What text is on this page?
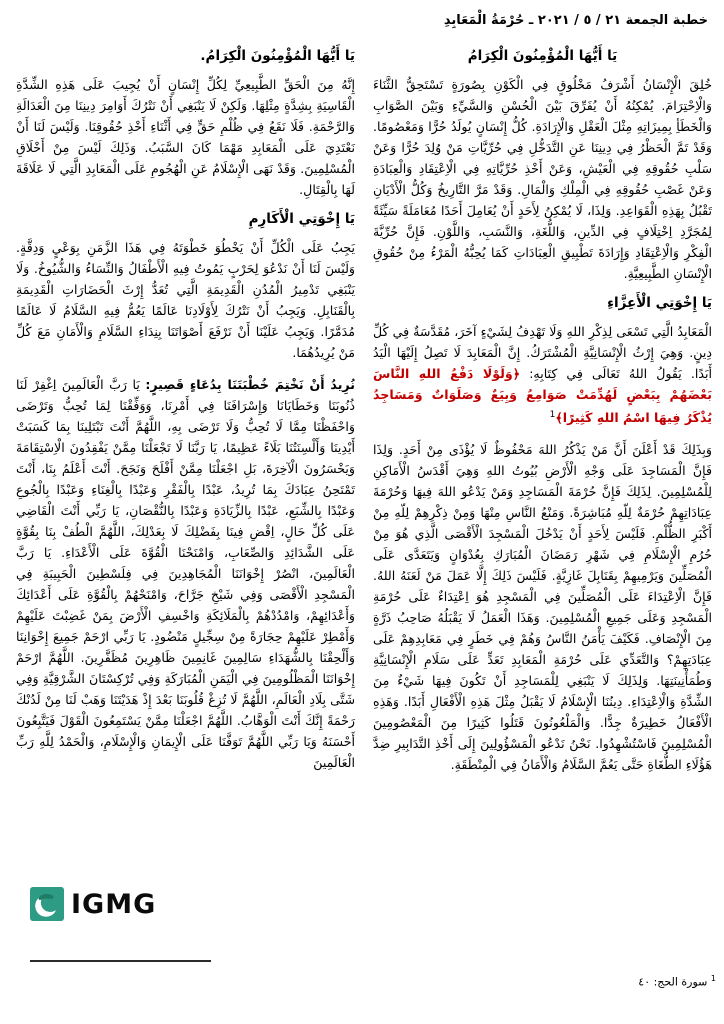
خطبة الجمعة ٢١ / ٥ / ٢٠٢١ ـ حُرْمَةُ الْمَعَابِدِ
يَا أَيُّهَا الْمُؤْمِنُونَ الْكِرَامُ

خُلِقَ الْإِنْسَانُ أَشْرَفُ مَخْلُوقٍ فِي الْكَوْنِ بِصُورَةٍ تَسْتَحِقُّ الثَّنَاءَ وَالْاِحْتِرَامَ. يُمْكِنُهُ أَنْ يُفَرِّقَ بَيْنَ الْحُسْنِ وَالسَّيِّءِ وَبَيْنَ الصَّوَابِ وَالْخَطَأِ بِمِيزَاتِهِ مِثْلَ الْعَقْلِ وَالْإِرَادَةِ. كُلُّ إِنْسَانٍ يُولَدُ حُرًّا وَمَعْصُومًا. وَقَدْ تَمَّ الْحَظْرُ فِي دِينِنَا عَنِ التَّدَخُّلِ فِي حُرِّيَّاتِ مَنْ وُلِدَ حُرًّا وَعَنْ سَلْبِ حُقُوقِهِ فِي الْعَيْشِ، وَعَنْ أَخْذِ حُرِّيَّاتِهِ فِي الْاِعْتِقَادِ وَالْعِبَادَةِ وَعَنْ غَصْبِ حُقُوقِهِ فِي الْمِلْكِ وَالْمَالِ. وَقَدْ مَرَّ التَّارِيخُ وَكُلُّ الْأَدْيَانِ تَقْبُلُ بِهَذِهِ الْقَوَاعِدِ. وَلِذَا، لَا يُمْكِنُ لِأَحَدٍ أَنْ يُعَامِلَ أَحَدًا مُعَامَلَةً سَيِّئَةً لِمُجَرَّدِ اِخْتِلَافٍ فِي الدِّينِ، وَاللُّغَةِ، وَالنَّسَبِ، وَاللَّوْنِ. فَإِنَّ حُرِّيَّةَ الْفِكْرِ وَالْاِعْتِقَادِ وَإِرَادَةَ تَطْبِيقِ الْعِبَادَاتِ كَمَا يُحِبُّهُ الْمَرْءُ مِنْ حُقُوقِ الْإِنْسَانِ الطَّبِيعِيَّةِ.

يَا إِخْوَتِي الْأَعِزَّاءِ

الْمَعَابِدُ الَّتِي تَسْعَى لِذِكْرِ اللهِ وَلَا تَهْدِفُ لِشَيْءٍ آخَرَ، مُقَدَّسَةٌ فِي كُلِّ دِينٍ. وَهِيَ إِرْثُ الْإِنْسَانِيَّةِ الْمُشْتَرَكُ. إِنَّ الْمَعَابِدَ لَا تَصِلُ إِلَيْهَا الْيَدُ أَبَدًا. يَقُولُ اللهُ تَعَالَى فِي كِتَابِهِ: ﴿وَلَوْلَا دَفْعُ اللهِ النَّاسَ بَعْضَهُمْ بِبَعْضٍ لَهُدِّمَتْ صَوَامِعُ وَبِيَعٌ وَصَلَوَاتٌ وَمَسَاجِدُ يُذْكَرُ فِيهَا اسْمُ اللهِ كَثِيرًا﴾$^1$

وَبِذَلِكَ قَدْ أَعْلَنَ أَنَّ مَنْ يَذْكُرُ اللهَ مَحْفُوظٌ لَا يُؤْذَى مِنْ أَحَدٍ. وَلِذَا فَإِنَّ الْمَسَاجِدَ عَلَى وَجْهِ الْأَرْضِ بُيُوتُ اللهِ وَهِيَ أَقْدَسُ الْأَمَاكِنِ لِلْمُسْلِمِينَ. لِذَلِكَ فَإِنَّ حُرْمَةَ الْمَسَاجِدِ وَمَنْ يَدْعُو اللهَ فِيهَا وَحُرْمَةَ عِبَادَاتِهِمْ حُرْمَةٌ لِلّهِ مُبَاشِرَةً. وَمَنْعُ النَّاسِ مِنْهَا وَمِنْ ذِكْرِهِمْ لِلّهِ مِنْ أَكْبَرِ الظُّلْمِ. فَلَيْسَ لِأَحَدٍ أَنْ يَدْخُلَ الْمَسْجِدَ الْأَقْصَى الَّذِي هُوَ مِنْ حُرُمِ الْإِسْلَامِ فِي شَهْرِ رَمَضَانَ الْمُبَارَكِ بِعُدْوَانٍ وَيَتَعَدَّى عَلَى الْمُصَلِّينَ وَيَرْمِيهِمْ بِقَنَابِلَ غَازِيَّةٍ. فَلَيْسَ ذَلِكَ إِلَّا عَمَلَ مَنْ لَعَنَهُ اللهُ. فَإِنَّ الْاِعْتِدَاءَ عَلَى الْمُصَلِّينَ فِي الْمَسْجِدِ هُوَ اِعْتِدَاءٌ عَلَى حُرْمَةِ الْمَسْجِدِ وَعَلَى جَمِيعِ الْمُسْلِمِينَ. وَهَذَا الْعَمَلُ لَا يَقْبَلُهُ صَاحِبُ ذَرَّةٍ مِنَ الْإِنْصَافِ. فَكَيْفَ يَأْمَنُ النَّاسُ وَهُمْ فِي خَطَرٍ فِي مَعَابِدِهِمْ عَلَى عِبَادَتِهِمْ؟ وَالتَّعَدِّي عَلَى حُرْمَةِ الْمَعَابِدِ تَعَدٍّ عَلَى سَلَامِ الْإِنْسَانِيَّةِ وَطُمَأْنِينَتِهَا. وَلِذَلِكَ لَا يَنْبَغِي لِلْمَسَاجِدِ أَنْ تَكُونَ فِيهَا شَيْءٌ مِنَ الشِّدَّةِ وَالْاِعْتِدَاءِ. دِينُنَا الْإِسْلَامُ لَا يَقْبَلُ مِثْلَ هَذِهِ الْأَفْعَالِ أَبَدًا. وَهَذِهِ الْأَفْعَالُ خَطِيرَةٌ جِدًّا. وَالْمَلْعُونُونَ قَتَلُوا كَثِيرًا مِنَ الْمَعْصُومِينَ الْمُسْلِمِينَ فَاسْتُشْهِدُوا. نَحْنُ نَدْعُو الْمَسْؤُولِينَ إِلَى أَخْذِ التَّدَابِيرِ ضِدَّ هَؤُلَاءِ الطُّغَاةِ حَتَّى يَعُمَّ السَّلَامُ وَالْأَمَانُ فِي الْمِنْطَقَةِ.

يَا أَيُّهَا الْمُؤْمِنُونَ الْكِرَامُ.

إِنَّهُ مِنَ الْحَقِّ الطَّبِيعِيِّ لِكُلِّ إِنْسَانٍ أَنْ يُجِيبَ عَلَى هَذِهِ الشِّدَّةِ الْقَاسِيَةِ بِشِدَّةٍ مِثْلِهَا. وَلَكِنْ لَا يَنْبَغِي أَنْ نَتْرُكَ أَوَامِرَ دِينِنَا مِنَ الْعَدَالَةِ وَالرَّحْمَةِ. فَلَا نَقَعُ فِي ظُلْمِ حَقٍّ فِي أَثْنَاءِ أَخْذِ حُقُوقِنَا. وَلَيْسَ لَنَا أَنْ نَعْتَدِيَ عَلَى الْمَعَابِدِ مَهْمَا كَانَ السَّبَبُ. وَذَلِكَ لَيْسَ مِنْ أَخْلَاقِ الْمُسْلِمِينَ. وَقَدْ نَهَى الْإِسْلَامُ عَنِ الْهُجُومِ عَلَى الْمَعَابِدِ الَّتِي لَا عَلَاقَةَ لَهَا بِالْقِتَالِ.

يَا إِخْوَتِي الْأَكَارِمِ

يَجِبُ عَلَى الْكُلِّ أَنْ يَخْطُوَ خَطْوَتَهُ فِي هَذَا الزَّمَنِ بِوَعْيٍ وَدِقَّةٍ. وَلَيْسَ لَنَا أَنْ نَدْعُوَ لِحَرْبٍ يَمُوتُ فِيهِ الْأَطْفَالُ وَالنِّسَاءُ وَالشُّيُوخُ. وَلَا يَنْبَغِي تَدْمِيرُ الْمُدُنِ الْقَدِيمَةِ الَّتِي تُعَدُّ إِرْثَ الْحَضَارَاتِ الْقَدِيمَةِ بِالْقَنَابِلِ. وَيَجِبُ أَنْ نَتْرُكَ لِأَوْلَادِنَا عَالَمًا يَعُمُّ فِيهِ السَّلَامُ لَا عَالَمًا مُدَمَّرًا. وَيَجِبُ عَلَيْنَا أَنْ نَرْفَعَ أَصْوَاتَنَا بِنِدَاءِ السَّلَامِ وَالْأَمَانِ مَعَ كُلِّ مَنْ يُرِيدُهُمَا.

نُرِيدُ أَنْ نَخْتِمَ خُطْبَتَنَا بِدُعَاءٍ قَصِيرٍ: يَا رَبَّ الْعَالَمِينَ اِغْفِرْ لَنَا ذُنُوبَنَا وَخَطَايَانَا وَإِسْرَافَنَا فِي أَمْرِنَا، وَوَفِّقْنَا لِمَا تُحِبُّ وَتَرْضَى وَاحْفَظْنَا مِمَّا لَا تُحِبُّ وَلَا تَرْضَى بِهِ، اللَّهُمَّ أَنْتَ تَبْتَلِينَا بِمَا كَسَبَتْ أَيْدِينَا وَأَلْسِنَتُنَا بَلَاءً عَظِيمًا، يَا رَبَّنَا لَا تَجْعَلْنَا مِمَّنْ يَفْقِدُونَ الْاِسْتِقَامَةَ وَيَخْسَرُونَ الْآخِرَةَ، بَلِ اجْعَلْنَا مِمَّنْ أَفْلَحَ وَنَجَحَ. أَنْتَ أَعْلَمُ بِنَا، أَنْتَ تَمْتَحِنُ عِبَادَكَ بِمَا تُرِيدُ، عَبْدًا بِالْفَقْرِ وَعَبْدًا بِالْغِنَاءِ وَعَبْدًا بِالْجُوعِ وَعَبْدًا بِالشِّبَعِ، عَبْدًا بِالزِّيَادَةِ وَعَبْدًا بِالنُّقْصَانِ، يَا رَبِّي أَنْتَ الْقَاضِي عَلَى كُلِّ حَالٍ، اِقْضِ فِينَا بِفَضْلِكَ لَا بِعَدْلِكَ، اللَّهُمَّ الْطُفْ بِنَا بِقُوَّةٍ عَلَى الشَّدَائِدِ وَالصِّعَابِ، وَامْنَحْنَا الْقُوَّةَ عَلَى الْأَعْدَاءِ. يَا رَبَّ الْعَالَمِينَ، انْصُرْ إِخْوَانَنَا الْمُجَاهِدِينَ فِي فِلَسْطِينَ الْحَبِيبَةِ فِي الْمَسْجِدِ الْأَقْصَى وَفِي شَيْخِ جَرَّاحَ، وَامْنَحْهُمْ بِالْقُوَّةِ عَلَى أَعْدَائِكَ وَأَعْدَائِهِمْ، وَامْدُدْهُمْ بِالْمَلَائِكَةِ وَاخْسِفِ الْأَرْضَ بِمَنْ غَضِبْتَ عَلَيْهِمْ وَأَمْطِرْ عَلَيْهِمْ حِجَارَةً مِنْ سِجِّيلٍ مَنْضُودٍ. يَا رَبِّي ارْحَمْ جَمِيعَ إِخْوَانِنَا وَأَلْحِقْنَا بِالشُّهَدَاءِ سَالِمِينَ غَانِمِينَ ظَاهِرِينَ مُظَفَّرِينَ. اللَّهُمَّ ارْحَمْ إِخْوَانَنَا الْمَظْلُومِينَ فِي الْيَمَنِ الْمُبَارَكَةِ وَفِي تُرْكِسْتَانَ الشَّرْقِيَّةِ وَفِي شَتَّى بِلَادِ الْعَالَمِ، اللَّهُمَّ لَا تُزِغْ قُلُوبَنَا بَعْدَ إِذْ هَدَيْتَنَا وَهَبْ لَنَا مِنْ لَدُنْكَ رَحْمَةً إِنَّكَ أَنْتَ الْوَهَّابُ. اللَّهُمَّ اجْعَلْنَا مِمَّنْ يَسْتَمِعُونَ الْقَوْلَ فَيَتَّبِعُونَ أَحْسَنَهُ وَيَا رَبِّي اللَّهُمَّ تَوَفَّنَا عَلَى الْإِيمَانِ وَالْإِسْلَامِ، وَالْحَمْدُ لِلَّهِ رَبِّ الْعَالَمِينَ

IGMG
$^1$ سورة الحج: ٤٠
